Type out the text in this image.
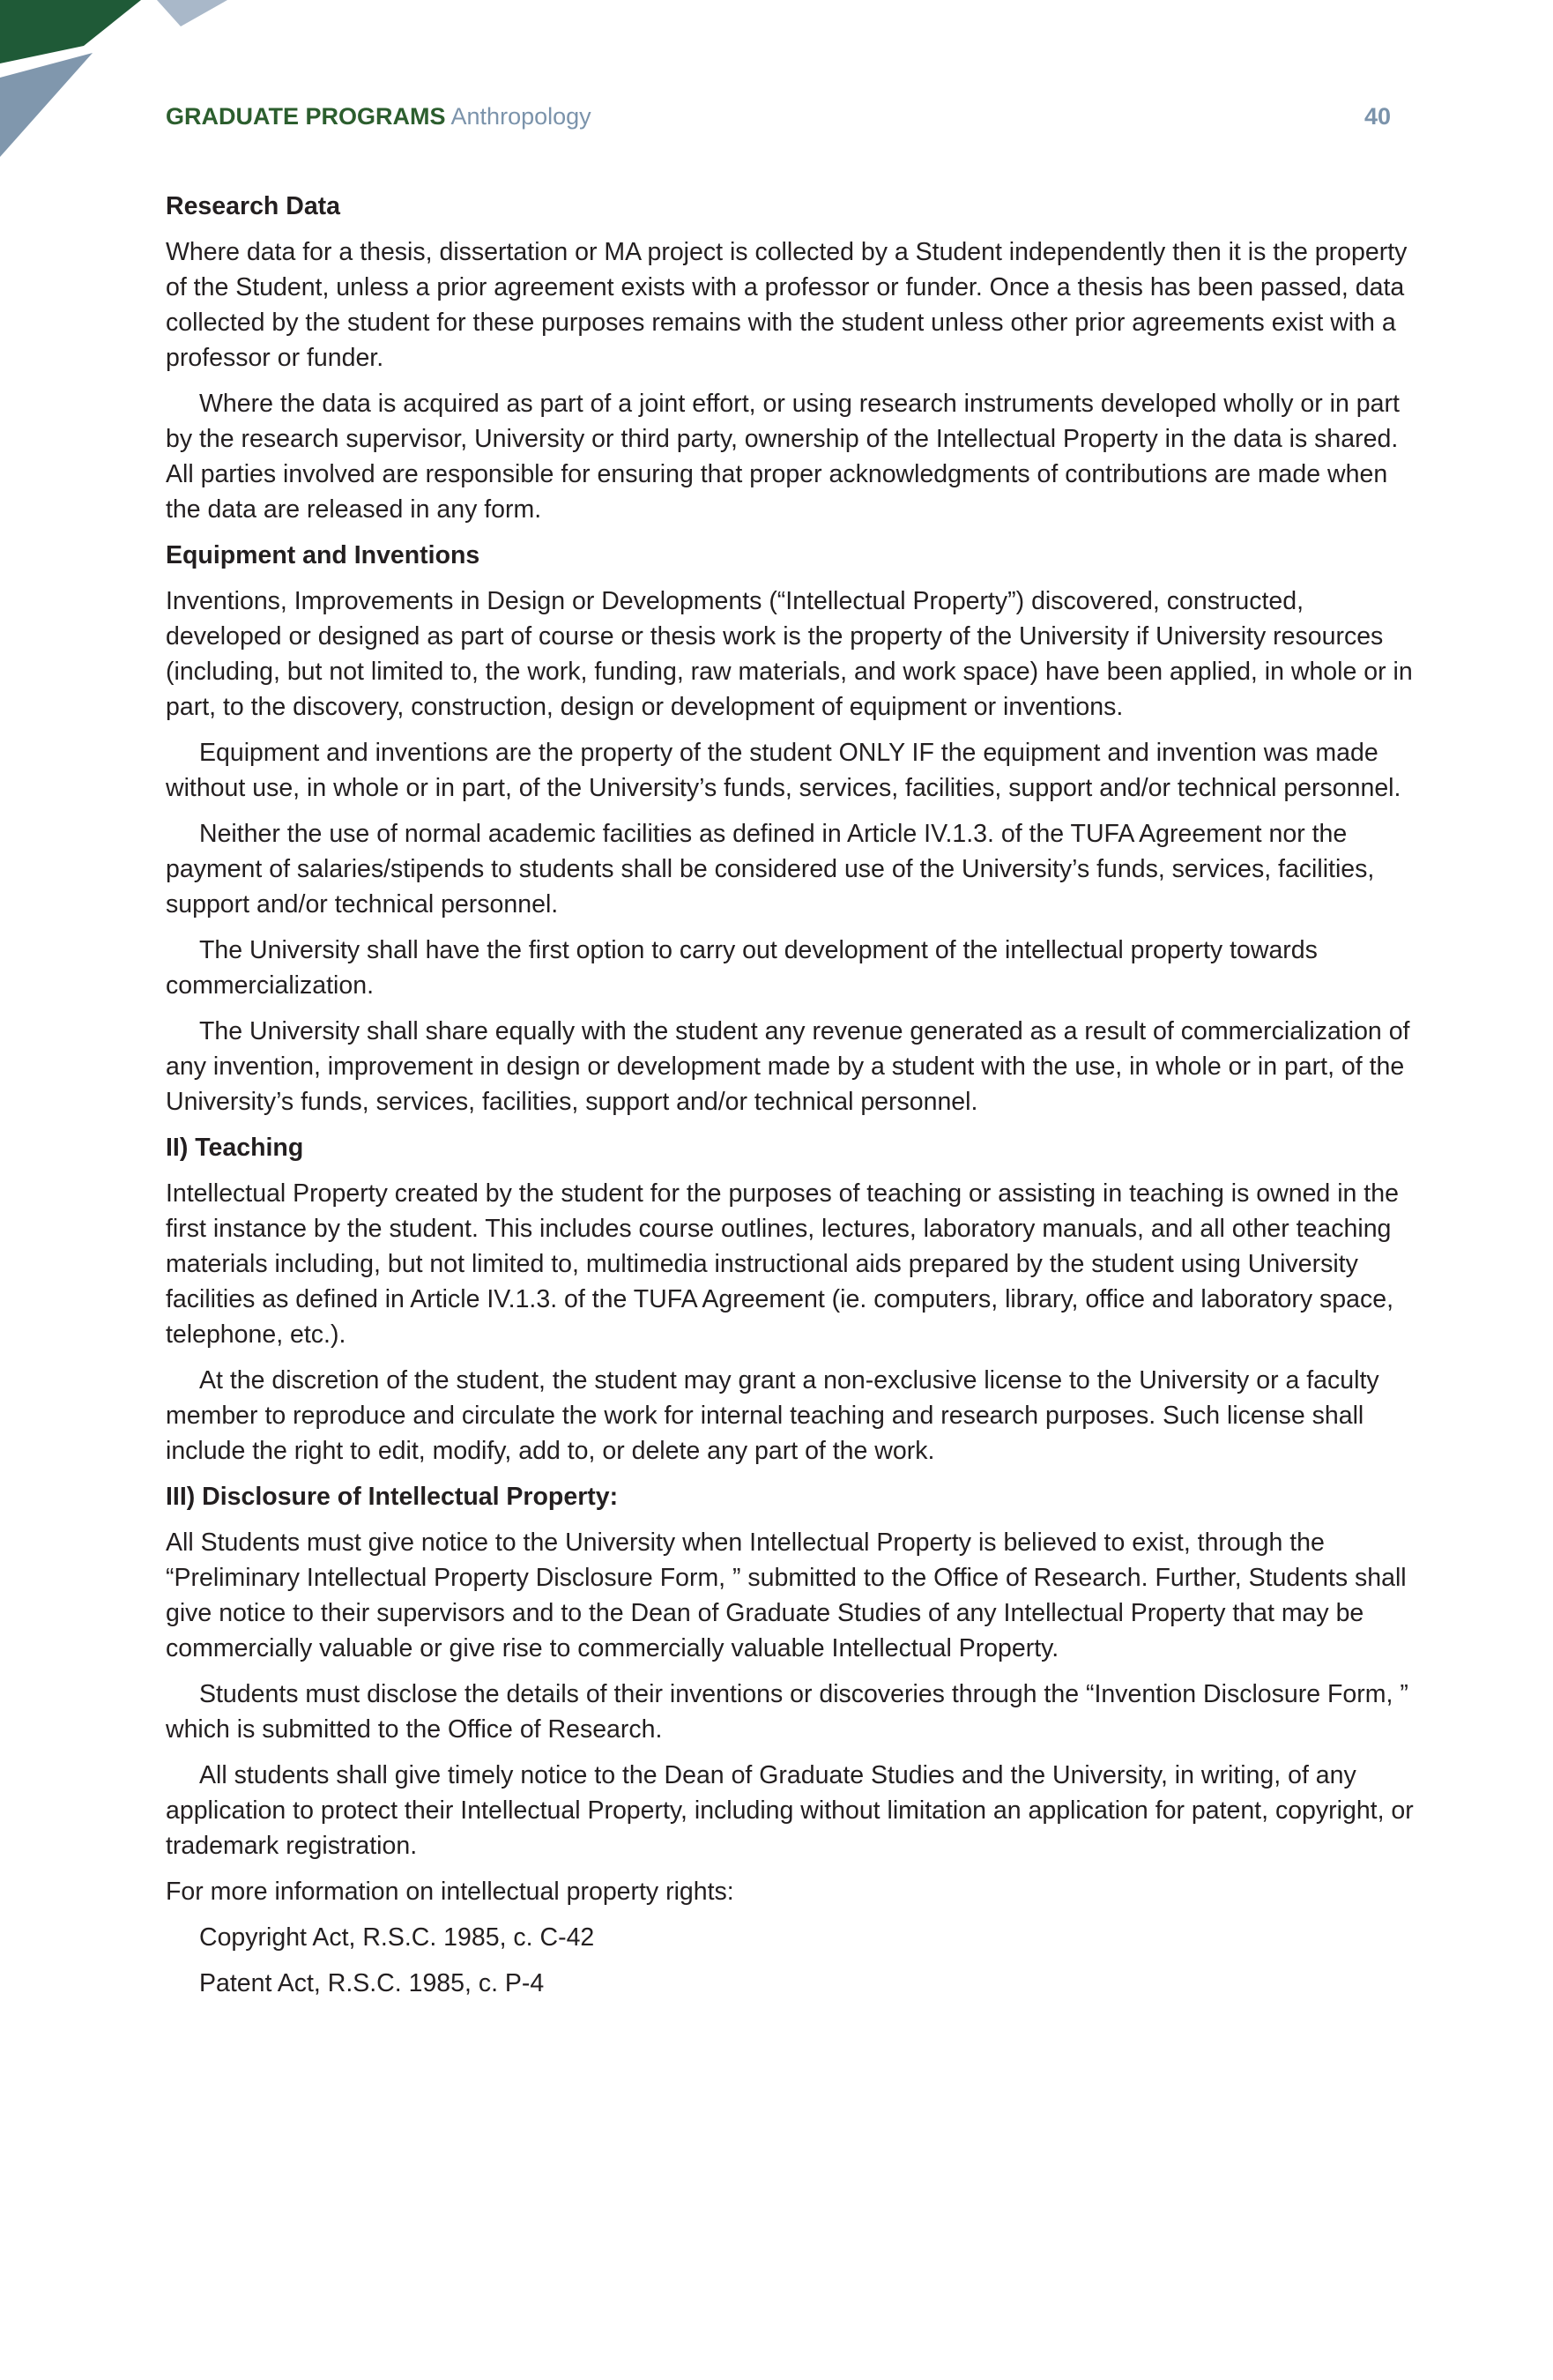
GRADUATE PROGRAMS Anthropology	40
Research Data

Where data for a thesis, dissertation or MA project is collected by a Student independently then it is the property of the Student, unless a prior agreement exists with a professor or funder. Once a thesis has been passed, data collected by the student for these purposes remains with the student unless other prior agreements exist with a professor or funder.

Where the data is acquired as part of a joint effort, or using research instruments developed wholly or in part by the research supervisor, University or third party, ownership of the Intellectual Property in the data is shared. All parties involved are responsible for ensuring that proper acknowledgments of contributions are made when the data are released in any form.

Equipment and Inventions

Inventions, Improvements in Design or Developments (“Intellectual Property”) discovered, constructed, developed or designed as part of course or thesis work is the property of the University if University resources (including, but not limited to, the work, funding, raw materials, and work space) have been applied, in whole or in part, to the discovery, construction, design or development of equipment or inventions.

Equipment and inventions are the property of the student ONLY IF the equipment and invention was made without use, in whole or in part, of the University’s funds, services, facilities, support and/or technical personnel.

Neither the use of normal academic facilities as defined in Article IV.1.3. of the TUFA Agreement nor the payment of salaries/stipends to students shall be considered use of the University’s funds, services, facilities, support and/or technical personnel.

The University shall have the first option to carry out development of the intellectual property towards commercialization.

The University shall share equally with the student any revenue generated as a result of commercialization of any invention, improvement in design or development made by a student with the use, in whole or in part, of the University’s funds, services, facilities, support and/or technical personnel.

II) Teaching

Intellectual Property created by the student for the purposes of teaching or assisting in teaching is owned in the first instance by the student. This includes course outlines, lectures, laboratory manuals, and all other teaching materials including, but not limited to, multimedia instructional aids prepared by the student using University facilities as defined in Article IV.1.3. of the TUFA Agreement (ie. computers, library, office and laboratory space, telephone, etc.).

At the discretion of the student, the student may grant a non-exclusive license to the University or a faculty member to reproduce and circulate the work for internal teaching and research purposes. Such license shall include the right to edit, modify, add to, or delete any part of the work.

III) Disclosure of Intellectual Property:

All Students must give notice to the University when Intellectual Property is believed to exist, through the “Preliminary Intellectual Property Disclosure Form, ” submitted to the Office of Research. Further, Students shall give notice to their supervisors and to the Dean of Graduate Studies of any Intellectual Property that may be commercially valuable or give rise to commercially valuable Intellectual Property.

Students must disclose the details of their inventions or discoveries through the “Invention Disclosure Form, ” which is submitted to the Office of Research.

All students shall give timely notice to the Dean of Graduate Studies and the University, in writing, of any application to protect their Intellectual Property, including without limitation an application for patent, copyright, or trademark registration.

For more information on intellectual property rights:

Copyright Act, R.S.C. 1985, c. C-42

Patent Act, R.S.C. 1985, c. P-4
